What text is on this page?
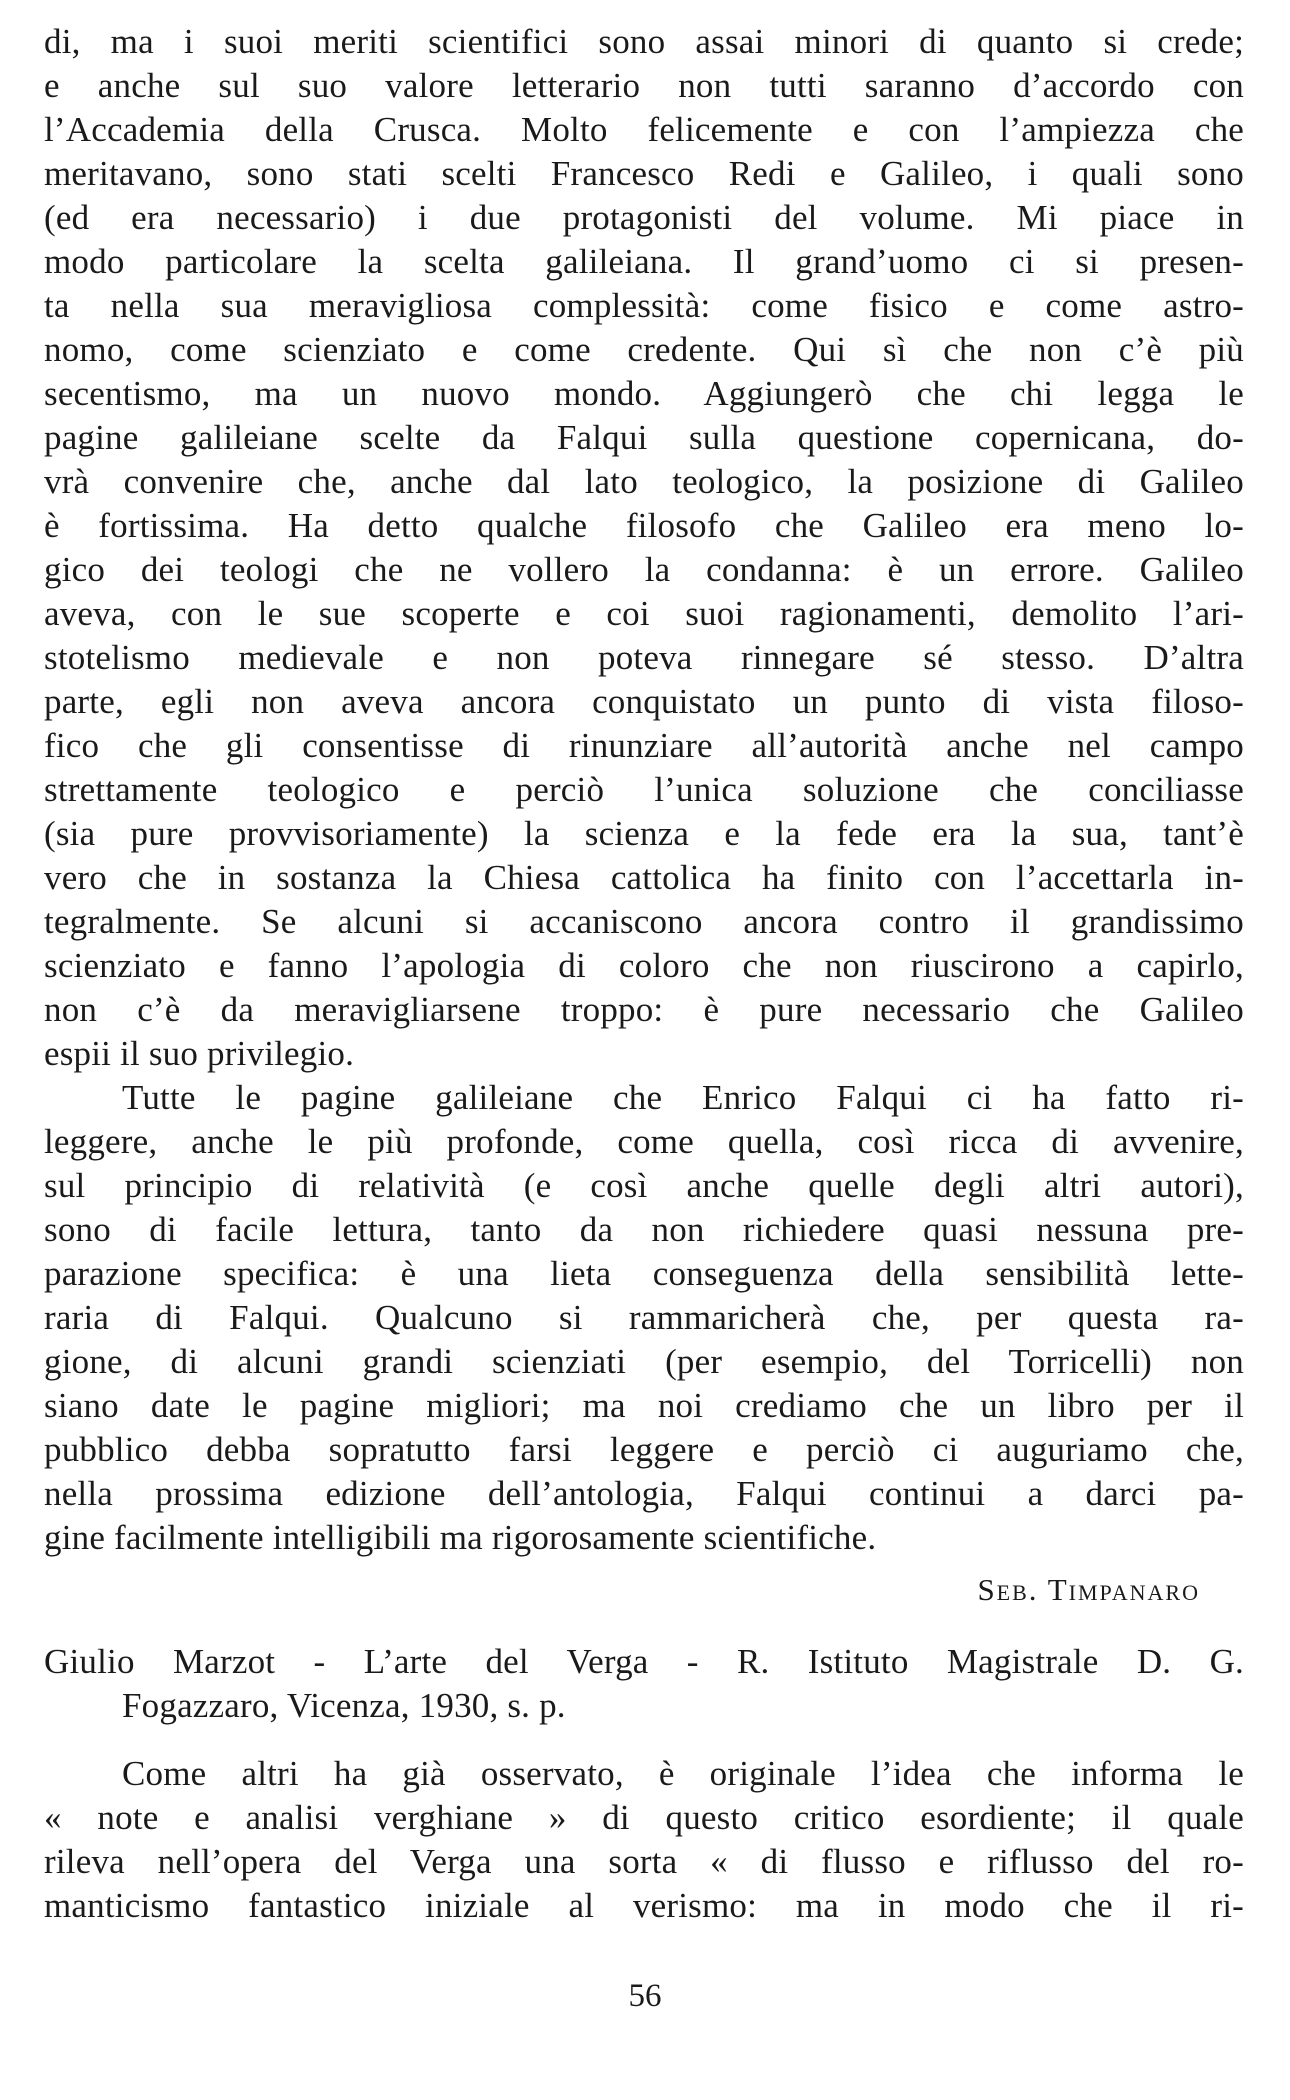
di, ma i suoi meriti scientifici sono assai minori di quanto si crede;
e anche sul suo valore letterario non tutti saranno d’accordo con
l’Accademia della Crusca. Molto felicemente e con l’ampiezza che
meritavano, sono stati scelti Francesco Redi e Galileo, i quali sono
(ed era necessario) i due protagonisti del volume. Mi piace in
modo particolare la scelta galileiana. Il grand’uomo ci si presen-
ta nella sua meravigliosa complessità: come fisico e come astro-
nomo, come scienziato e come credente. Qui sì che non c’è più
secentismo, ma un nuovo mondo. Aggiungerò che chi legga le
pagine galileiane scelte da Falqui sulla questione copernicana, do-
vrà convenire che, anche dal lato teologico, la posizione di Galileo
è fortissima. Ha detto qualche filosofo che Galileo era meno lo-
gico dei teologi che ne vollero la condanna: è un errore. Galileo
aveva, con le sue scoperte e coi suoi ragionamenti, demolito l’ari-
stotelismo medievale e non poteva rinnegare sé stesso. D’altra
parte, egli non aveva ancora conquistato un punto di vista filoso-
fico che gli consentisse di rinunziare all’autorità anche nel campo
strettamente teologico e perciò l’unica soluzione che conciliasse
(sia pure provvisoriamente) la scienza e la fede era la sua, tant’è
vero che in sostanza la Chiesa cattolica ha finito con l’accettarla in-
tegralmente. Se alcuni si accaniscono ancora contro il grandissimo
scienziato e fanno l’apologia di coloro che non riuscirono a capirlo,
non c’è da meravigliarsene troppo: è pure necessario che Galileo
espii il suo privilegio.
Tutte le pagine galileiane che Enrico Falqui ci ha fatto ri-
leggere, anche le più profonde, come quella, così ricca di avvenire,
sul principio di relatività (e così anche quelle degli altri autori),
sono di facile lettura, tanto da non richiedere quasi nessuna pre-
parazione specifica: è una lieta conseguenza della sensibilità lette-
raria di Falqui. Qualcuno si rammaricherà che, per questa ra-
gione, di alcuni grandi scienziati (per esempio, del Torricelli) non
siano date le pagine migliori; ma noi crediamo che un libro per il
pubblico debba sopratutto farsi leggere e perciò ci auguriamo che,
nella prossima edizione dell’antologia, Falqui continui a darci pa-
gine facilmente intelligibili ma rigorosamente scientifiche.
Seb. Timpanaro
Giulio Marzot - L’arte del Verga - R. Istituto Magistrale D. G.
Fogazzaro, Vicenza, 1930, s. p.
Come altri ha già osservato, è originale l’idea che informa le
« note e analisi verghiane » di questo critico esordiente; il quale
rileva nell’opera del Verga una sorta « di flusso e riflusso del ro-
manticismo fantastico iniziale al verismo: ma in modo che il ri-
56
